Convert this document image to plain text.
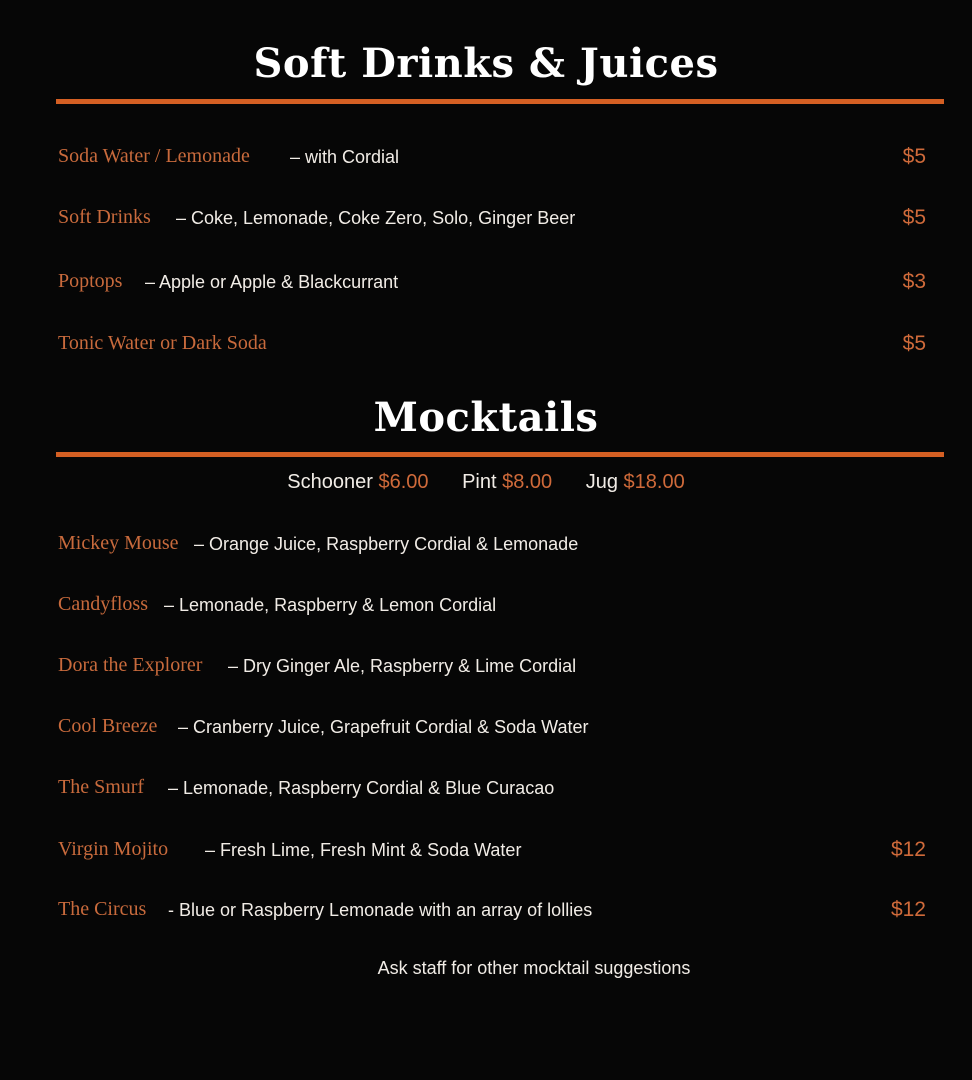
Soft Drinks & Juices
Soda Water / Lemonade – with Cordial	$5
Soft Drinks – Coke, Lemonade, Coke Zero, Solo, Ginger Beer	$5
Poptops – Apple or Apple & Blackcurrant	$3
Tonic Water or Dark Soda	$5
Mocktails
Schooner $6.00 Pint $8.00 Jug $18.00
Mickey Mouse – Orange Juice, Raspberry Cordial & Lemonade
Candyfloss – Lemonade, Raspberry & Lemon Cordial
Dora the Explorer – Dry Ginger Ale, Raspberry & Lime Cordial
Cool Breeze – Cranberry Juice, Grapefruit Cordial & Soda Water
The Smurf – Lemonade, Raspberry Cordial & Blue Curacao
Virgin Mojito – Fresh Lime, Fresh Mint & Soda Water	$12
The Circus - Blue or Raspberry Lemonade with an array of lollies	$12
Ask staff for other mocktail suggestions
